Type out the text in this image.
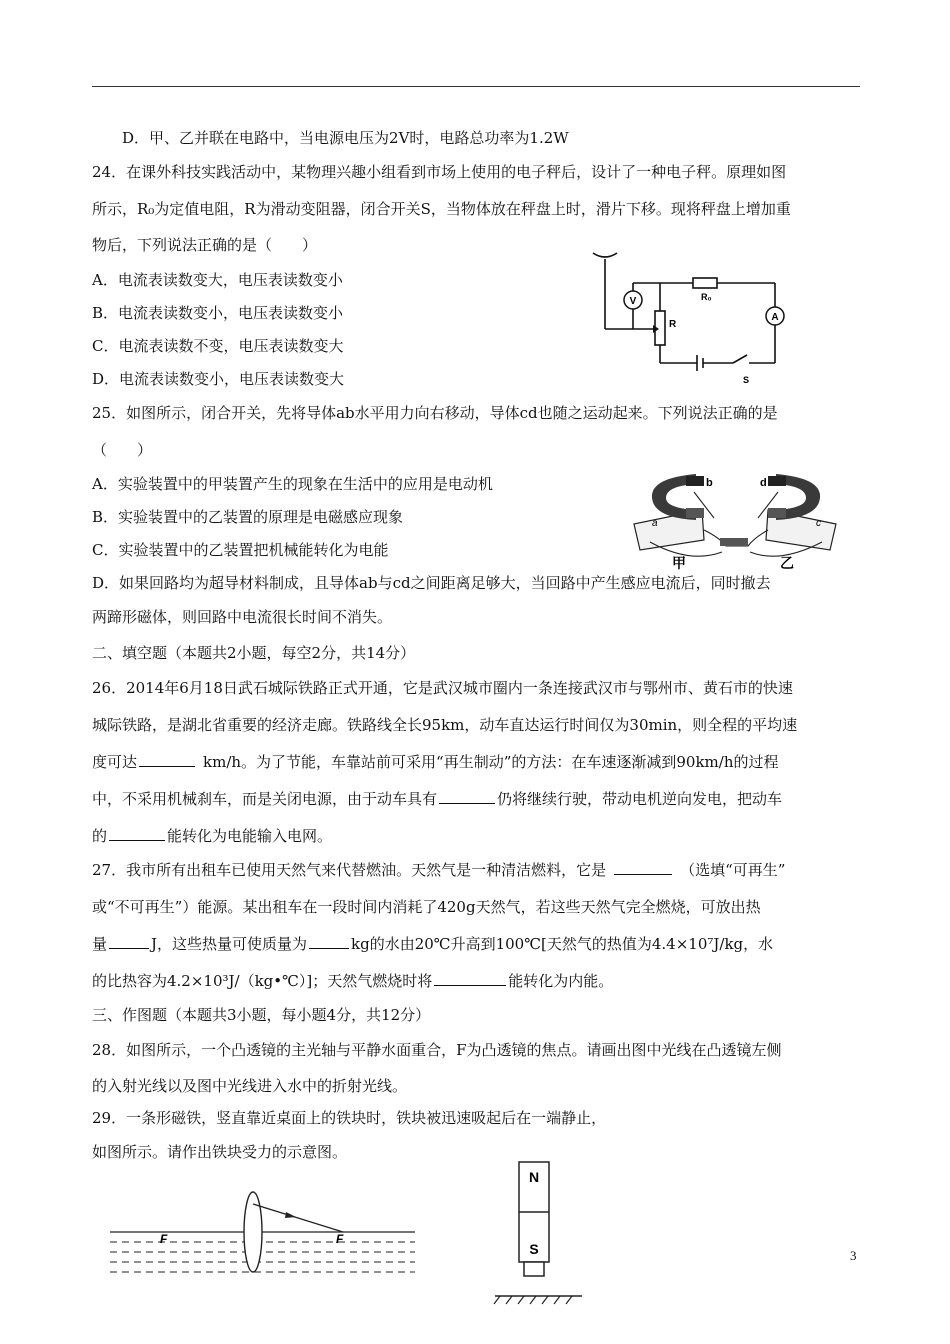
D．甲、乙并联在电路中，当电源电压为2V时，电路总功率为1.2W
24．在课外科技实践活动中，某物理兴趣小组看到市场上使用的电子秤后，设计了一种电子秤。原理如图
所示，R₀为定值电阻，R为滑动变阻器，闭合开关S，当物体放在秤盘上时，滑片下移。现将秤盘上增加重
物后，下列说法正确的是（　　）
A．电流表读数变大，电压表读数变小
B．电流表读数变小，电压表读数变小
C．电流表读数不变，电压表读数变大
D．电流表读数变小，电压表读数变大
25．如图所示，闭合开关，先将导体ab水平用力向右移动，导体cd也随之运动起来。下列说法正确的是
（　　）
A．实验装置中的甲装置产生的现象在生活中的应用是电动机
B．实验装置中的乙装置的原理是电磁感应现象
C．实验装置中的乙装置把机械能转化为电能
D．如果回路均为超导材料制成，且导体ab与cd之间距离足够大，当回路中产生感应电流后，同时撤去
两蹄形磁体，则回路中电流很长时间不消失。
二、填空题（本题共2小题，每空2分，共14分）
26．2014年6月18日武石城际铁路正式开通，它是武汉城市圈内一条连接武汉市与鄂州市、黄石市的快速
城际铁路，是湖北省重要的经济走廊。铁路线全长95km，动车直达运行时间仅为30min，则全程的平均速
度可达	km/h。为了节能，车靠站前可采用“再生制动”的方法：在车速逐渐减到90km/h的过程
中，不采用机械刹车，而是关闭电源，由于动车具有	仍将继续行驶，带动电机逆向发电，把动车
的	能转化为电能输入电网。
27．我市所有出租车已使用天然气来代替燃油。天然气是一种清洁燃料，它是	（选填“可再生”
或“不可再生”）能源。某出租车在一段时间内消耗了420g天然气，若这些天然气完全燃烧，可放出热
量	J，这些热量可使质量为	kg的水由20℃升高到100℃[天然气的热值为4.4×10⁷J/kg，水
的比热容为4.2×10³J/（kg•℃）]；天然气燃烧时将	能转化为内能。
三、作图题（本题共3小题，每小题4分，共12分）
28．如图所示，一个凸透镜的主光轴与平静水面重合，F为凸透镜的焦点。请画出图中光线在凸透镜左侧
的入射光线以及图中光线进入水中的折射光线。
29．一条形磁铁，竖直靠近桌面上的铁块时，铁块被迅速吸起后在一端静止，
如图所示。请作出铁块受力的示意图。
V
A
R₀
R
S
b	d
a	c
甲	乙
F	F
N
S	3
